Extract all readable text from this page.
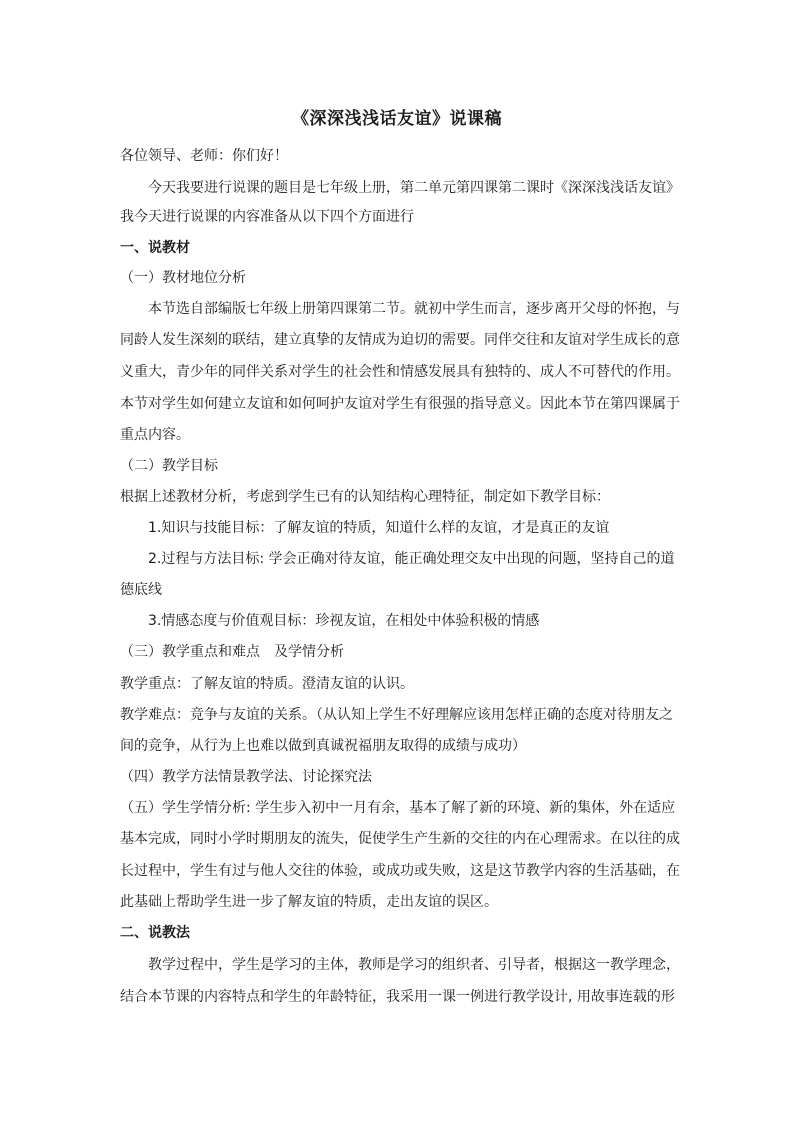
《深深浅浅话友谊》说课稿
各位领导、老师：你们好！
今天我要进行说课的题目是七年级上册，第二单元第四课第二课时《深深浅浅话友谊》
我今天进行说课的内容准备从以下四个方面进行
一、说教材
（一）教材地位分析
本节选自部编版七年级上册第四课第二节。就初中学生而言，逐步离开父母的怀抱，与
同龄人发生深刻的联结，建立真挚的友情成为迫切的需要。同伴交往和友谊对学生成长的意
义重大，青少年的同伴关系对学生的社会性和情感发展具有独特的、成人不可替代的作用。
本节对学生如何建立友谊和如何呵护友谊对学生有很强的指导意义。因此本节在第四课属于
重点内容。
（二）教学目标
根据上述教材分析，考虑到学生已有的认知结构心理特征，制定如下教学目标：
1.知识与技能目标：了解友谊的特质，知道什么样的友谊，才是真正的友谊
2.过程与方法目标: 学会正确对待友谊，能正确处理交友中出现的问题，坚持自己的道
德底线
3.情感态度与价值观目标：珍视友谊，在相处中体验积极的情感
（三）教学重点和难点　及学情分析
教学重点：了解友谊的特质。澄清友谊的认识。
教学难点：竞争与友谊的关系。（从认知上学生不好理解应该用怎样正确的态度对待朋友之
间的竞争，从行为上也难以做到真诚祝福朋友取得的成绩与成功）
（四）教学方法情景教学法、讨论探究法
（五）学生学情分析: 学生步入初中一月有余，基本了解了新的环境、新的集体，外在适应
基本完成，同时小学时期朋友的流失，促使学生产生新的交往的内在心理需求。在以往的成
长过程中，学生有过与他人交往的体验，或成功或失败，这是这节教学内容的生活基础，在
此基础上帮助学生进一步了解友谊的特质，走出友谊的误区。
二、说教法
教学过程中，学生是学习的主体，教师是学习的组织者、引导者，根据这一教学理念，
结合本节课的内容特点和学生的年龄特征，我采用一课一例进行教学设计, 用故事连载的形
